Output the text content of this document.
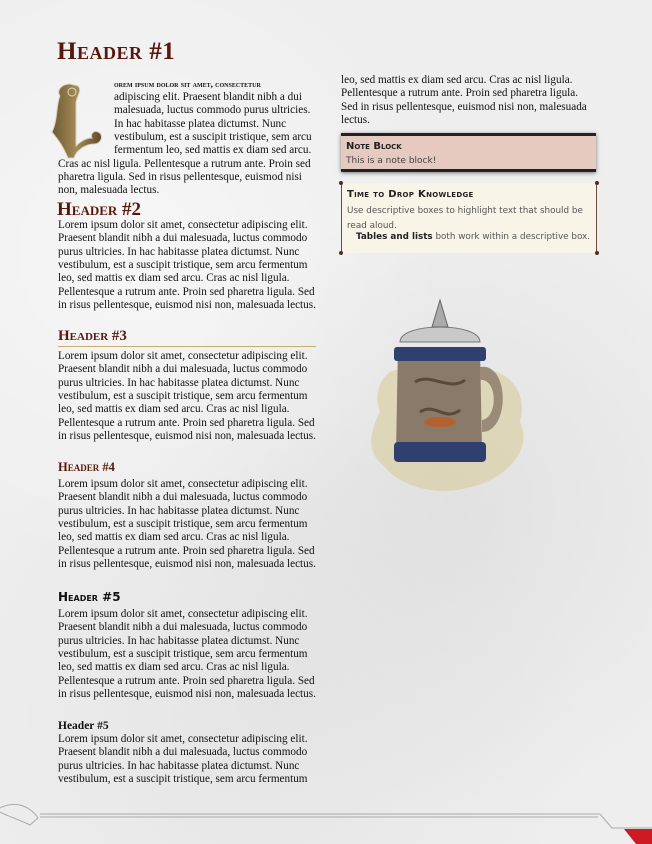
Header #1
orem ipsum dolor sit amet, consectetur
adipiscing elit. Praesent blandit nibh a dui malesuada, luctus commodo purus ultricies. In hac habitasse platea dictumst. Nunc vestibulum, est a suscipit tristique, sem arcu fermentum leo, sed mattis ex diam sed arcu. Cras ac nisl ligula. Pellentesque a rutrum ante. Proin sed pharetra ligula. Sed in risus pellentesque, euismod nisi non, malesuada lectus.
Header #2

Lorem ipsum dolor sit amet, consectetur adipiscing elit. Praesent blandit nibh a dui malesuada, luctus commodo purus ultricies. In hac habitasse platea dictumst. Nunc vestibulum, est a suscipit tristique, sem arcu fermentum leo, sed mattis ex diam sed arcu. Cras ac nisl ligula. Pellentesque a rutrum ante. Proin sed pharetra ligula. Sed in risus pellentesque, euismod nisi non, malesuada lectus.

Header #3

Lorem ipsum dolor sit amet, consectetur adipiscing elit. Praesent blandit nibh a dui malesuada, luctus commodo purus ultricies. In hac habitasse platea dictumst. Nunc vestibulum, est a suscipit tristique, sem arcu fermentum leo, sed mattis ex diam sed arcu. Cras ac nisl ligula. Pellentesque a rutrum ante. Proin sed pharetra ligula. Sed in risus pellentesque, euismod nisi non, malesuada lectus.

Header #4

Lorem ipsum dolor sit amet, consectetur adipiscing elit. Praesent blandit nibh a dui malesuada, luctus commodo purus ultricies. In hac habitasse platea dictumst. Nunc vestibulum, est a suscipit tristique, sem arcu fermentum leo, sed mattis ex diam sed arcu. Cras ac nisl ligula. Pellentesque a rutrum ante. Proin sed pharetra ligula. Sed in risus pellentesque, euismod nisi non, malesuada lectus.

Header #5

Lorem ipsum dolor sit amet, consectetur adipiscing elit. Praesent blandit nibh a dui malesuada, luctus commodo purus ultricies. In hac habitasse platea dictumst. Nunc vestibulum, est a suscipit tristique, sem arcu fermentum leo, sed mattis ex diam sed arcu. Cras ac nisl ligula. Pellentesque a rutrum ante. Proin sed pharetra ligula. Sed in risus pellentesque, euismod nisi non, malesuada lectus.

Header #5

Lorem ipsum dolor sit amet, consectetur adipiscing elit. Praesent blandit nibh a dui malesuada, luctus commodo purus ultricies. In hac habitasse platea dictumst. Nunc vestibulum, est a suscipit tristique, sem arcu fermentum

leo, sed mattis ex diam sed arcu. Cras ac nisl ligula. Pellentesque a rutrum ante. Proin sed pharetra ligula. Sed in risus pellentesque, euismod nisi non, malesuada lectus.

Note Block
This is a note block!
Time to Drop Knowledge
Use descriptive boxes to highlight text that should be read aloud.
Tables and lists both work within a descriptive box.
